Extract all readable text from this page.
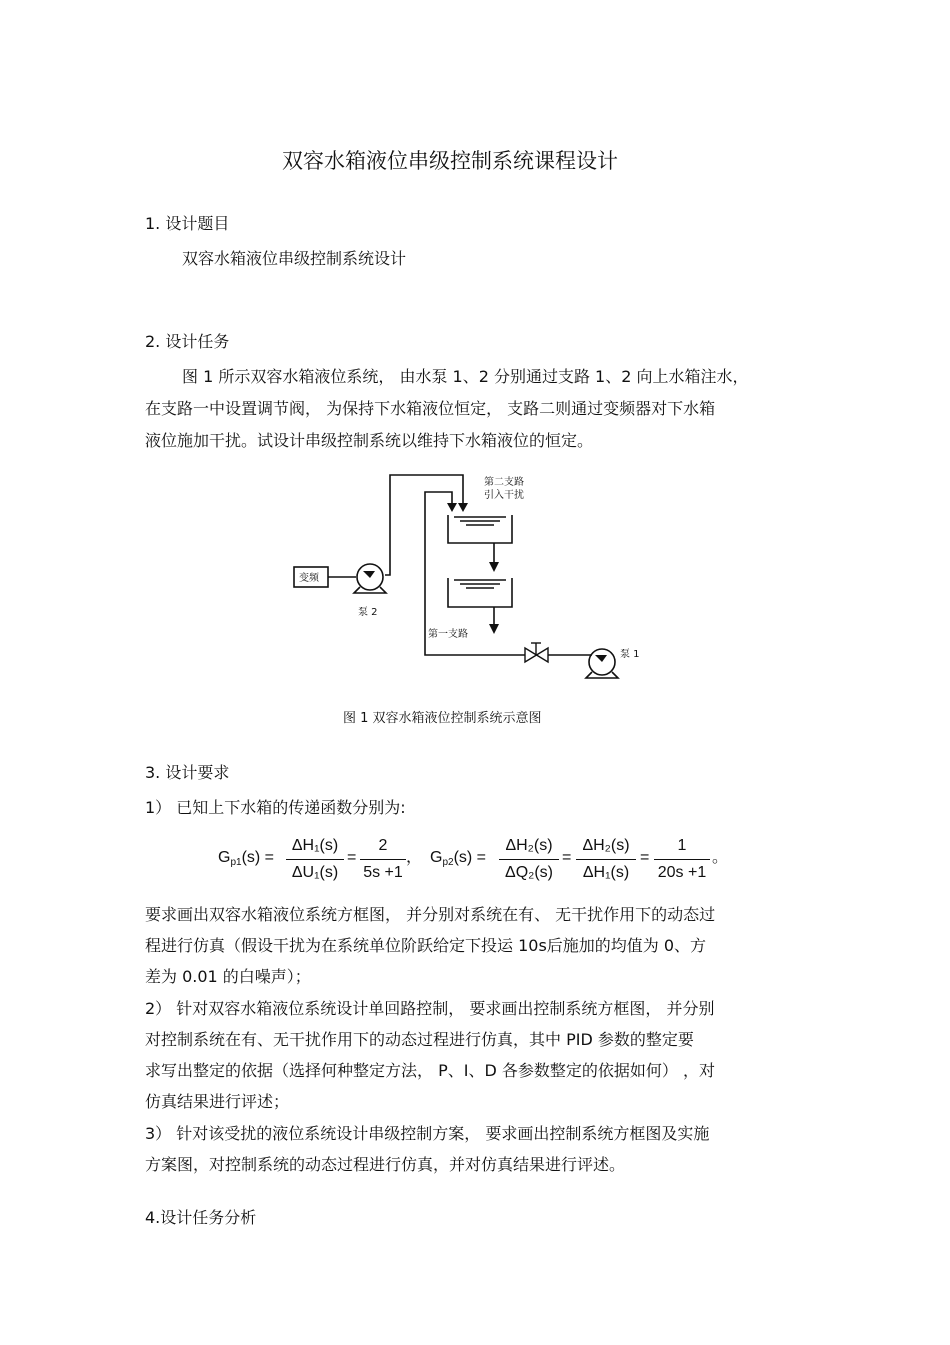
双容水箱液位串级控制系统课程设计
1. 设计题目
双容水箱液位串级控制系统设计
2. 设计任务
图 1 所示双容水箱液位系统， 由水泵 1、2 分别通过支路 1、2 向上水箱注水，
在支路一中设置调节阀， 为保持下水箱液位恒定， 支路二则通过变频器对下水箱
液位施加干扰。试设计串级控制系统以维持下水箱液位的恒定。
第二支路
引入干扰
变频
泵 2
第一支路
泵 1
图 1 双容水箱液位控制系统示意图
3. 设计要求
1） 已知上下水箱的传递函数分别为:
Gp1(s) =
ΔH₁(s)
ΔU₁(s)
=
2
5s +1
， Gp2(s) =
ΔH₂(s)
ΔQ₂(s)
=
ΔH₂(s)
ΔH₁(s)
=
1
20s +1
。
要求画出双容水箱液位系统方框图， 并分别对系统在有、 无干扰作用下的动态过
程进行仿真（假设干扰为在系统单位阶跃给定下投运 10s后施加的均值为 0、方
差为 0.01 的白噪声）；
2） 针对双容水箱液位系统设计单回路控制， 要求画出控制系统方框图， 并分别
对控制系统在有、无干扰作用下的动态过程进行仿真，其中 PID 参数的整定要
求写出整定的依据（选择何种整定方法， P、I、D 各参数整定的依据如何） ，对
仿真结果进行评述；
3） 针对该受扰的液位系统设计串级控制方案， 要求画出控制系统方框图及实施
方案图，对控制系统的动态过程进行仿真，并对仿真结果进行评述。
4.设计任务分析
